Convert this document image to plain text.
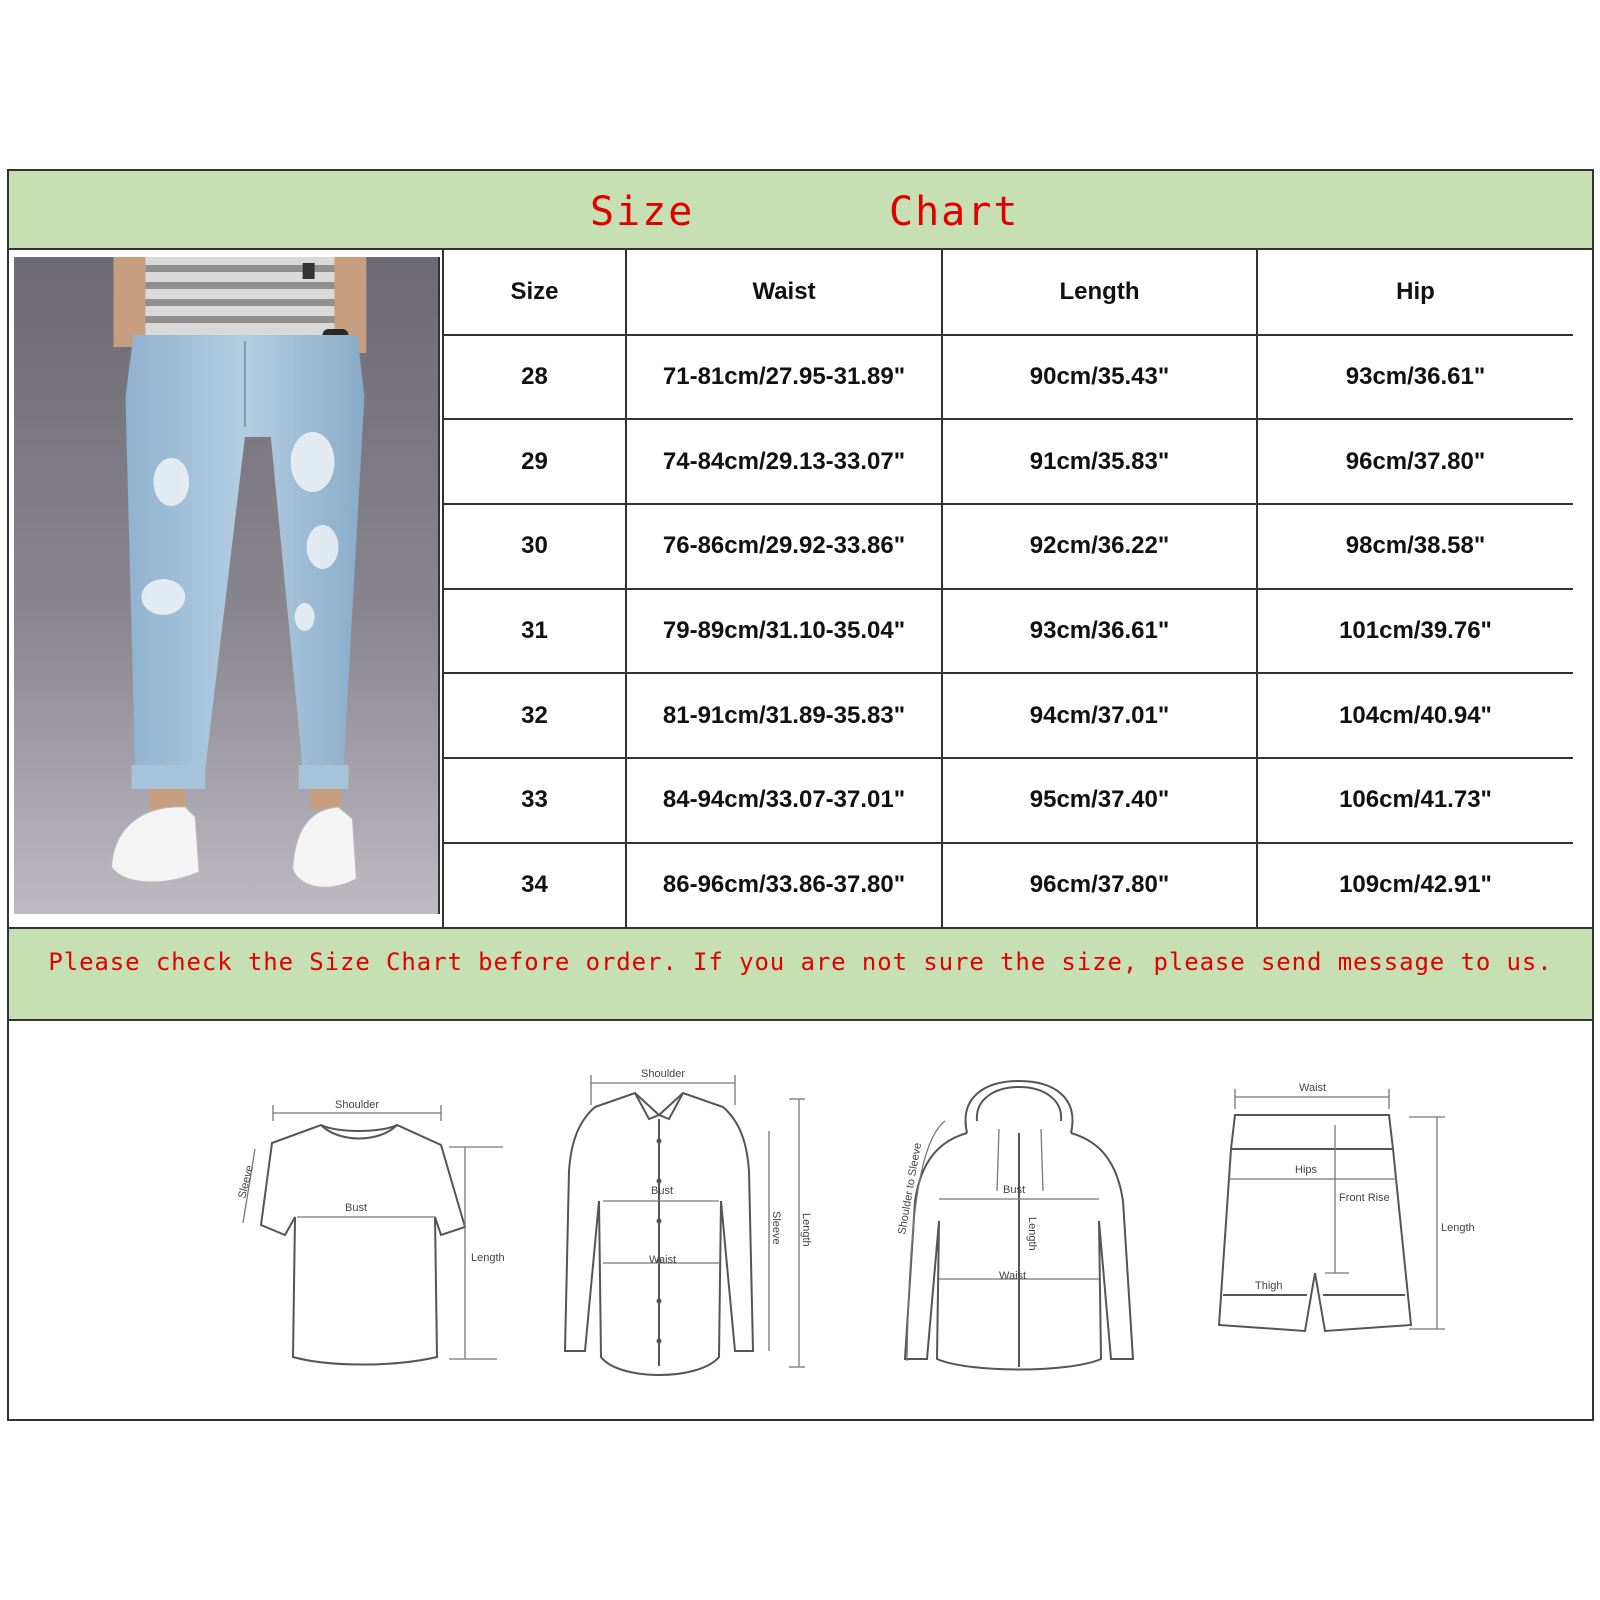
Size	Chart
Size	Waist	Length	Hip
28	71-81cm/27.95-31.89"	90cm/35.43"	93cm/36.61"
29	74-84cm/29.13-33.07"	91cm/35.83"	96cm/37.80"
30	76-86cm/29.92-33.86"	92cm/36.22"	98cm/38.58"
31	79-89cm/31.10-35.04"	93cm/36.61"	101cm/39.76"
32	81-91cm/31.89-35.83"	94cm/37.01"	104cm/40.94"
33	84-94cm/33.07-37.01"	95cm/37.40"	106cm/41.73"
34	86-96cm/33.86-37.80"	96cm/37.80"	109cm/42.91"
Please check the Size Chart before order. If you are not sure the size, please send message to us.
Shoulder
Bust
Length
Sleeve
Shoulder
Bust
Waist
Sleeve Length
Bust
Waist
Length
Shoulder to Sleeve
Waist
Hips
Front Rise
Length
Thigh
